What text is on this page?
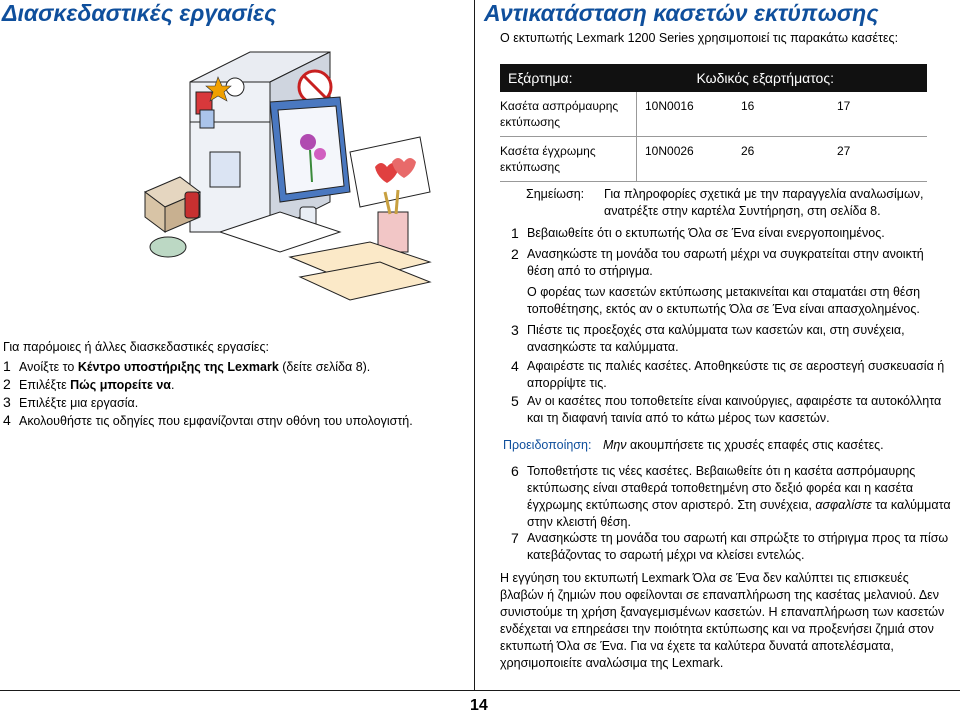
Διασκεδαστικές εργασίες
Για παρόμοιες ή άλλες διασκεδαστικές εργασίες:
1 Ανοίξτε το Κέντρο υποστήριξης της Lexmark (δείτε σελίδα 8).
2 Επιλέξτε Πώς μπορείτε να.
3 Επιλέξτε μια εργασία.
4 Ακολουθήστε τις οδηγίες που εμφανίζονται στην οθόνη του υπολογιστή.
Αντικατάσταση κασετών εκτύπωσης
Ο εκτυπωτής Lexmark 1200 Series χρησιμοποιεί τις παρακάτω κασέτες:
Εξάρτημα:	Κωδικός εξαρτήματος:		
Κασέτα ασπρόμαυρης εκτύπωσης	10N0016	16	17
Κασέτα έγχρωμης εκτύπωσης	10N0026	26	27
Σημείωση:	Για πληροφορίες σχετικά με την παραγγελία αναλωσίμων, ανατρέξτε στην καρτέλα Συντήρηση, στη σελίδα 8.
1 Βεβαιωθείτε ότι ο εκτυπωτής Όλα σε Ένα είναι ενεργοποιημένος.
2 Ανασηκώστε τη μονάδα του σαρωτή μέχρι να συγκρατείται στην ανοικτή θέση από το στήριγμα.
Ο φορέας των κασετών εκτύπωσης μετακινείται και σταματάει στη θέση τοποθέτησης, εκτός αν ο εκτυπωτής Όλα σε Ένα είναι απασχολημένος.
3 Πιέστε τις προεξοχές στα καλύμματα των κασετών και, στη συνέχεια, ανασηκώστε τα καλύμματα.
4 Αφαιρέστε τις παλιές κασέτες. Αποθηκεύστε τις σε αεροστεγή συσκευασία ή απορρίψτε τις.
5 Αν οι κασέτες που τοποθετείτε είναι καινούργιες, αφαιρέστε τα αυτοκόλλητα και τη διαφανή ταινία από το κάτω μέρος των κασετών.
Προειδοποίηση: Μην ακουμπήσετε τις χρυσές επαφές στις κασέτες.
6 Τοποθετήστε τις νέες κασέτες. Βεβαιωθείτε ότι η κασέτα ασπρόμαυρης εκτύπωσης είναι σταθερά τοποθετημένη στο δεξιό φορέα και η κασέτα έγχρωμης εκτύπωσης στον αριστερό. Στη συνέχεια, ασφαλίστε τα καλύμματα στην κλειστή θέση.
7 Ανασηκώστε τη μονάδα του σαρωτή και σπρώξτε το στήριγμα προς τα πίσω κατεβάζοντας το σαρωτή μέχρι να κλείσει εντελώς.
Η εγγύηση του εκτυπωτή Lexmark Όλα σε Ένα δεν καλύπτει τις επισκευές βλαβών ή ζημιών που οφείλονται σε επαναπλήρωση της κασέτας μελανιού. Δεν συνιστούμε τη χρήση ξαναγεμισμένων κασετών. Η επαναπλήρωση των κασετών ενδέχεται να επηρεάσει την ποιότητα εκτύπωσης και να προξενήσει ζημιά στον εκτυπωτή Όλα σε Ένα. Για να έχετε τα καλύτερα δυνατά αποτελέσματα, χρησιμοποιείτε αναλώσιμα της Lexmark.
14
